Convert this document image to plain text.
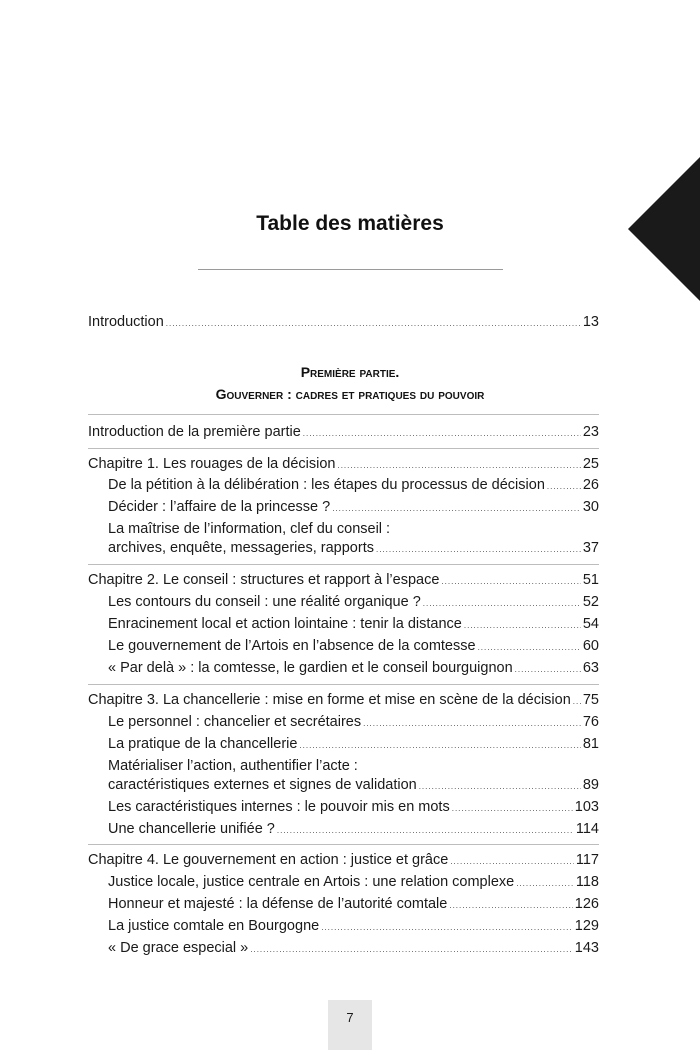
Table des matières
Introduction .....	13
Première partie.
Gouverner : cadres et pratiques du pouvoir
Introduction de la première partie .....	23
Chapitre 1. Les rouages de la décision .....	25
De la pétition à la délibération : les étapes du processus de décision .....	26
Décider : l’affaire de la princesse ? .....	30
La maîtrise de l’information, clef du conseil :
archives, enquête, messageries, rapports .....	37
Chapitre 2. Le conseil : structures et rapport à l’espace .....	51
Les contours du conseil : une réalité organique ? .....	52
Enracinement local et action lointaine : tenir la distance .....	54
Le gouvernement de l’Artois en l’absence de la comtesse .....	60
« Par delà » : la comtesse, le gardien et le conseil bourguignon .....	63
Chapitre 3. La chancellerie : mise en forme et mise en scène de la décision ..... 75
Le personnel : chancelier et secrétaires .....	76
La pratique de la chancellerie .....	81
Matérialiser l’action, authentifier l’acte :
caractéristiques externes et signes de validation .....	89
Les caractéristiques internes : le pouvoir mis en mots .....	103
Une chancellerie unifiée ? .....	114
Chapitre 4. Le gouvernement en action : justice et grâce .....	117
Justice locale, justice centrale en Artois : une relation complexe .....	118
Honneur et majesté : la défense de l’autorité comtale .....	126
La justice comtale en Bourgogne .....	129
« De grace especial » .....	143
7
